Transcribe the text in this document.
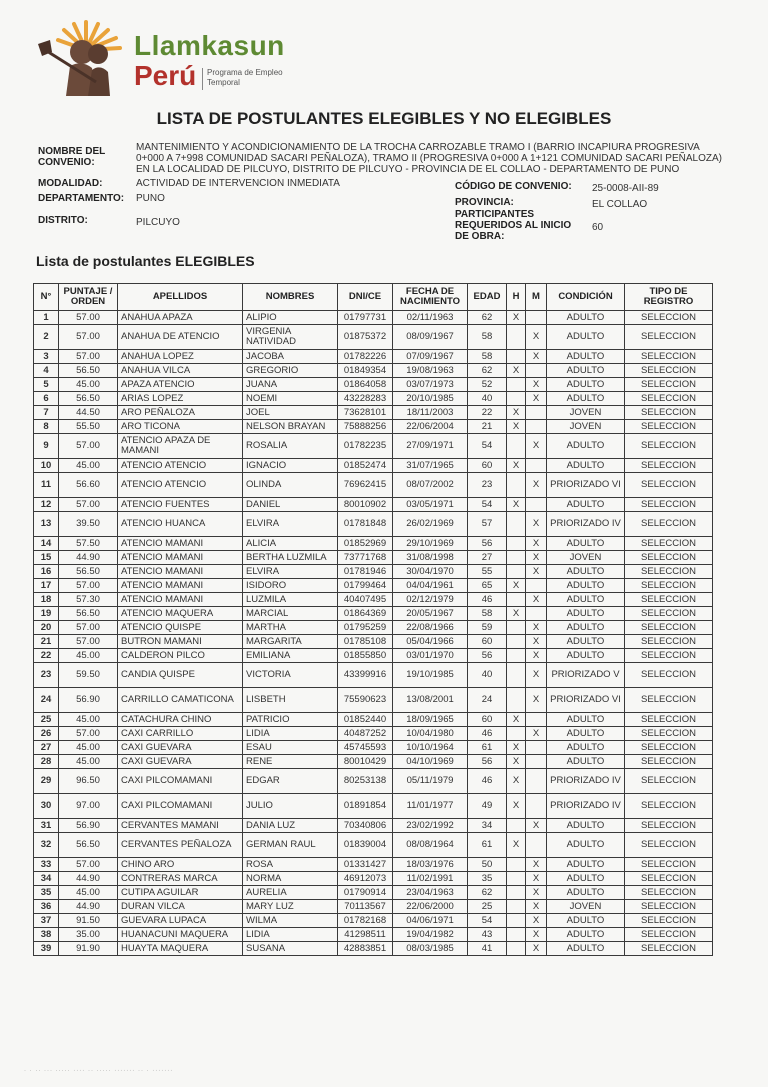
Llamkasun
Perú Programa de Empleo Temporal
LISTA DE POSTULANTES ELEGIBLES Y NO ELEGIBLES
NOMBRE DEL CONVENIO:
MANTENIMIENTO Y ACONDICIONAMIENTO DE LA TROCHA CARROZABLE TRAMO I (BARRIO INCAPIURA PROGRESIVA 0+000 A 7+998 COMUNIDAD SACARI PEÑALOZA), TRAMO II (PROGRESIVA 0+000 A 1+121 COMUNIDAD SACARI PEÑALOZA) EN LA LOCALIDAD DE PILCUYO, DISTRITO DE PILCUYO - PROVINCIA DE EL COLLAO - DEPARTAMENTO DE PUNO
MODALIDAD:	ACTIVIDAD DE INTERVENCION INMEDIATA
DEPARTAMENTO: PUNO
DISTRITO:	PILCUYO
CÓDIGO DE CONVENIO: 25-0008-AII-89
PROVINCIA:	EL COLLAO
PARTICIPANTES REQUERIDOS AL INICIO DE OBRA:
60
Lista de postulantes ELEGIBLES
N°	PUNTAJE / ORDEN	APELLIDOS	NOMBRES	DNI/CE	FECHA DE NACIMIENTO	EDAD	H	M	CONDICIÓN	TIPO DE REGISTRO
1	57.00	ANAHUA APAZA	ALIPIO	01797731	02/11/1963	62	X		ADULTO	SELECCION
2	57.00	ANAHUA DE ATENCIO	VIRGENIA NATIVIDAD	01875372	08/09/1967	58		X	ADULTO	SELECCION
3	57.00	ANAHUA LOPEZ	JACOBA	01782226	07/09/1967	58		X	ADULTO	SELECCION
4	56.50	ANAHUA VILCA	GREGORIO	01849354	19/08/1963	62	X		ADULTO	SELECCION
5	45.00	APAZA ATENCIO	JUANA	01864058	03/07/1973	52		X	ADULTO	SELECCION
6	56.50	ARIAS LOPEZ	NOEMI	43228283	20/10/1985	40		X	ADULTO	SELECCION
7	44.50	ARO PEÑALOZA	JOEL	73628101	18/11/2003	22	X		JOVEN	SELECCION
8	55.50	ARO TICONA	NELSON BRAYAN	75888256	22/06/2004	21	X		JOVEN	SELECCION
9	57.00	ATENCIO APAZA DE MAMANI	ROSALIA	01782235	27/09/1971	54		X	ADULTO	SELECCION
10	45.00	ATENCIO ATENCIO	IGNACIO	01852474	31/07/1965	60	X		ADULTO	SELECCION
11	56.60	ATENCIO ATENCIO	OLINDA	76962415	08/07/2002	23		X	PRIORIZADO VI	SELECCION
12	57.00	ATENCIO FUENTES	DANIEL	80010902	03/05/1971	54	X		ADULTO	SELECCION
13	39.50	ATENCIO HUANCA	ELVIRA	01781848	26/02/1969	57		X	PRIORIZADO IV	SELECCION
14	57.50	ATENCIO MAMANI	ALICIA	01852969	29/10/1969	56		X	ADULTO	SELECCION
15	44.90	ATENCIO MAMANI	BERTHA LUZMILA	73771768	31/08/1998	27		X	JOVEN	SELECCION
16	56.50	ATENCIO MAMANI	ELVIRA	01781946	30/04/1970	55		X	ADULTO	SELECCION
17	57.00	ATENCIO MAMANI	ISIDORO	01799464	04/04/1961	65	X		ADULTO	SELECCION
18	57.30	ATENCIO MAMANI	LUZMILA	40407495	02/12/1979	46		X	ADULTO	SELECCION
19	56.50	ATENCIO MAQUERA	MARCIAL	01864369	20/05/1967	58	X		ADULTO	SELECCION
20	57.00	ATENCIO QUISPE	MARTHA	01795259	22/08/1966	59		X	ADULTO	SELECCION
21	57.00	BUTRON MAMANI	MARGARITA	01785108	05/04/1966	60		X	ADULTO	SELECCION
22	45.00	CALDERON PILCO	EMILIANA	01855850	03/01/1970	56		X	ADULTO	SELECCION
23	59.50	CANDIA QUISPE	VICTORIA	43399916	19/10/1985	40		X	PRIORIZADO V	SELECCION
24	56.90	CARRILLO CAMATICONA	LISBETH	75590623	13/08/2001	24		X	PRIORIZADO VI	SELECCION
25	45.00	CATACHURA CHINO	PATRICIO	01852440	18/09/1965	60	X		ADULTO	SELECCION
26	57.00	CAXI CARRILLO	LIDIA	40487252	10/04/1980	46		X	ADULTO	SELECCION
27	45.00	CAXI GUEVARA	ESAU	45745593	10/10/1964	61	X		ADULTO	SELECCION
28	45.00	CAXI GUEVARA	RENE	80010429	04/10/1969	56	X		ADULTO	SELECCION
29	96.50	CAXI PILCOMAMANI	EDGAR	80253138	05/11/1979	46	X		PRIORIZADO IV	SELECCION
30	97.00	CAXI PILCOMAMANI	JULIO	01891854	11/01/1977	49	X		PRIORIZADO IV	SELECCION
31	56.90	CERVANTES MAMANI	DANIA LUZ	70340806	23/02/1992	34		X	ADULTO	SELECCION
32	56.50	CERVANTES PEÑALOZA	GERMAN RAUL	01839004	08/08/1964	61	X		ADULTO	SELECCION
33	57.00	CHINO ARO	ROSA	01331427	18/03/1976	50		X	ADULTO	SELECCION
34	44.90	CONTRERAS MARCA	NORMA	46912073	11/02/1991	35		X	ADULTO	SELECCION
35	45.00	CUTIPA AGUILAR	AURELIA	01790914	23/04/1963	62		X	ADULTO	SELECCION
36	44.90	DURAN VILCA	MARY LUZ	70113567	22/06/2000	25		X	JOVEN	SELECCION
37	91.50	GUEVARA LUPACA	WILMA	01782168	04/06/1971	54		X	ADULTO	SELECCION
38	35.00	HUANACUNI MAQUERA	LIDIA	41298511	19/04/1982	43		X	ADULTO	SELECCION
39	91.90	HUAYTA MAQUERA	SUSANA	42883851	08/03/1985	41		X	ADULTO	SELECCION
· · ·· ··· ····· ···· ·· ····· ······· ·· · ·······
